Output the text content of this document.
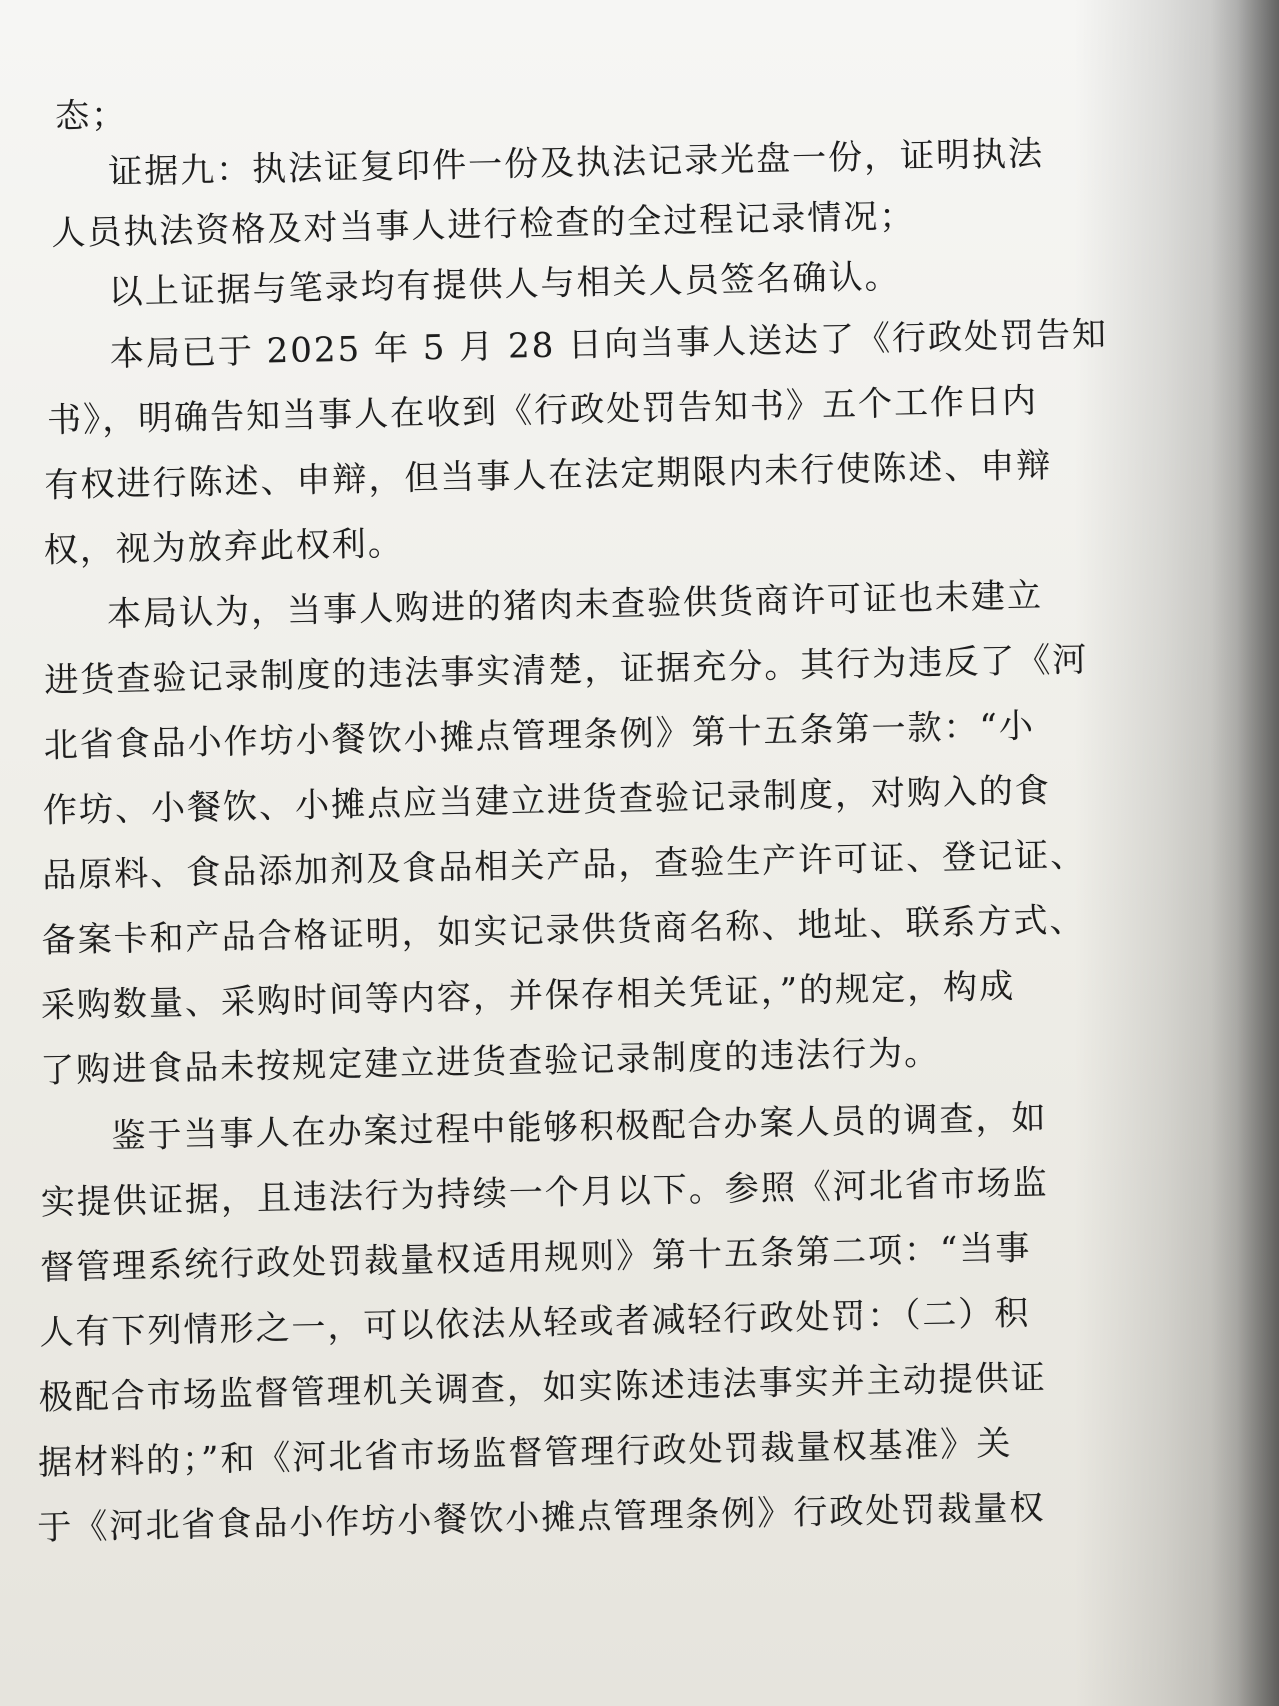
态；
证据九：执法证复印件一份及执法记录光盘一份，证明执法
人员执法资格及对当事人进行检查的全过程记录情况；
以上证据与笔录均有提供人与相关人员签名确认。
本局已于 2025 年 5 月 28 日向当事人送达了《行政处罚告知
书》，明确告知当事人在收到《行政处罚告知书》五个工作日内
有权进行陈述、申辩，但当事人在法定期限内未行使陈述、申辩
权，视为放弃此权利。
本局认为，当事人购进的猪肉未查验供货商许可证也未建立
进货查验记录制度的违法事实清楚，证据充分。其行为违反了《河
北省食品小作坊小餐饮小摊点管理条例》第十五条第一款：“小
作坊、小餐饮、小摊点应当建立进货查验记录制度，对购入的食
品原料、食品添加剂及食品相关产品，查验生产许可证、登记证、
备案卡和产品合格证明，如实记录供货商名称、地址、联系方式、
采购数量、采购时间等内容，并保存相关凭证，”的规定，构成
了购进食品未按规定建立进货查验记录制度的违法行为。
鉴于当事人在办案过程中能够积极配合办案人员的调查，如
实提供证据，且违法行为持续一个月以下。参照《河北省市场监
督管理系统行政处罚裁量权适用规则》第十五条第二项：“当事
人有下列情形之一，可以依法从轻或者减轻行政处罚：（二）积
极配合市场监督管理机关调查，如实陈述违法事实并主动提供证
据材料的；”和《河北省市场监督管理行政处罚裁量权基准》关
于《河北省食品小作坊小餐饮小摊点管理条例》行政处罚裁量权
